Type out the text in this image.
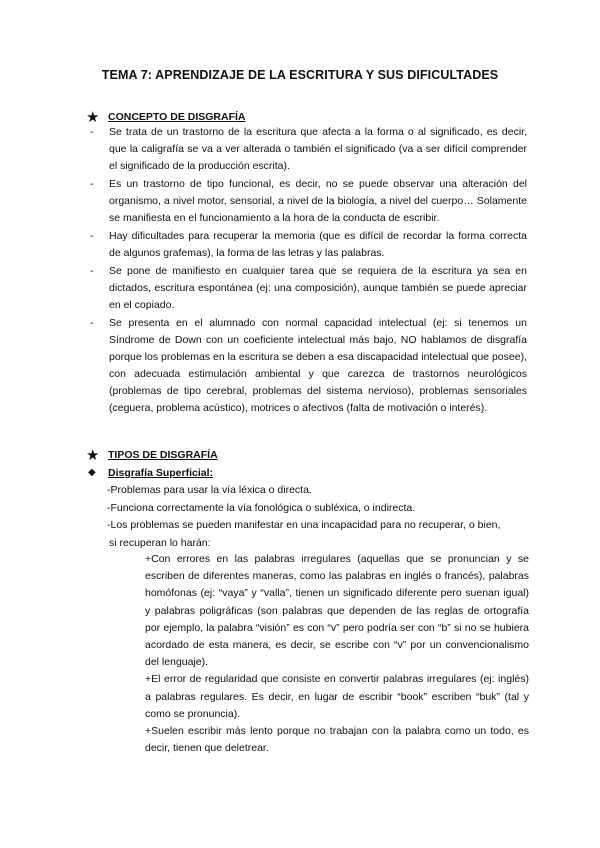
TEMA 7: APRENDIZAJE DE LA ESCRITURA Y SUS DIFICULTADES
★ CONCEPTO DE DISGRAFÍA
- Se trata de un trastorno de la escritura que afecta a la forma o al significado, es decir, que la caligrafía se va a ver alterada o también el significado (va a ser difícil comprender el significado de la producción escrita).

- Es un trastorno de tipo funcional, es decir, no se puede observar una alteración del organismo, a nivel motor, sensorial, a nivel de la biología, a nivel del cuerpo… Solamente se manifiesta en el funcionamiento a la hora de la conducta de escribir.

- Hay dificultades para recuperar la memoria (que es difícil de recordar la forma correcta de algunos grafemas), la forma de las letras y las palabras.

- Se pone de manifiesto en cualquier tarea que se requiera de la escritura ya sea en dictados, escritura espontánea (ej: una composición), aunque también se puede apreciar en el copiado.

- Se presenta en el alumnado con normal capacidad intelectual (ej: si tenemos un Síndrome de Down con un coeficiente intelectual más bajo, NO hablamos de disgrafía porque los problemas en la escritura se deben a esa discapacidad intelectual que posee), con adecuada estimulación ambiental y que carezca de trastornos neurológicos (problemas de tipo cerebral, problemas del sistema nervioso), problemas sensoriales (ceguera, problema acústico), motrices o afectivos (falta de motivación o interés).

★ TIPOS DE DISGRAFÍA
◆ Disgrafía Superficial:

-Problemas para usar la vía léxica o directa.

-Funciona correctamente la vía fonológica o subléxica, o indirecta.

-Los problemas se pueden manifestar en una incapacidad para no recuperar, o bien,

si recuperan lo harán:

+Con errores en las palabras irregulares (aquellas que se pronuncian y se escriben de diferentes maneras, como las palabras en inglés o francés), palabras homófonas (ej: “vaya” y “valla”, tienen un significado diferente pero suenan igual) y palabras poligráficas (son palabras que dependen de las reglas de ortografía por ejemplo, la palabra “visión” es con “v” pero podría ser con “b” si no se hubiera acordado de esta manera, es decir, se escribe con “v” por un convencionalismo del lenguaje).

+El error de regularidad que consiste en convertir palabras irregulares (ej: inglés) a palabras regulares. Es decir, en lugar de escribir “book” escriben “buk” (tal y como se pronuncia).

+Suelen escribir más lento porque no trabajan con la palabra como un todo, es decir, tienen que deletrear.
